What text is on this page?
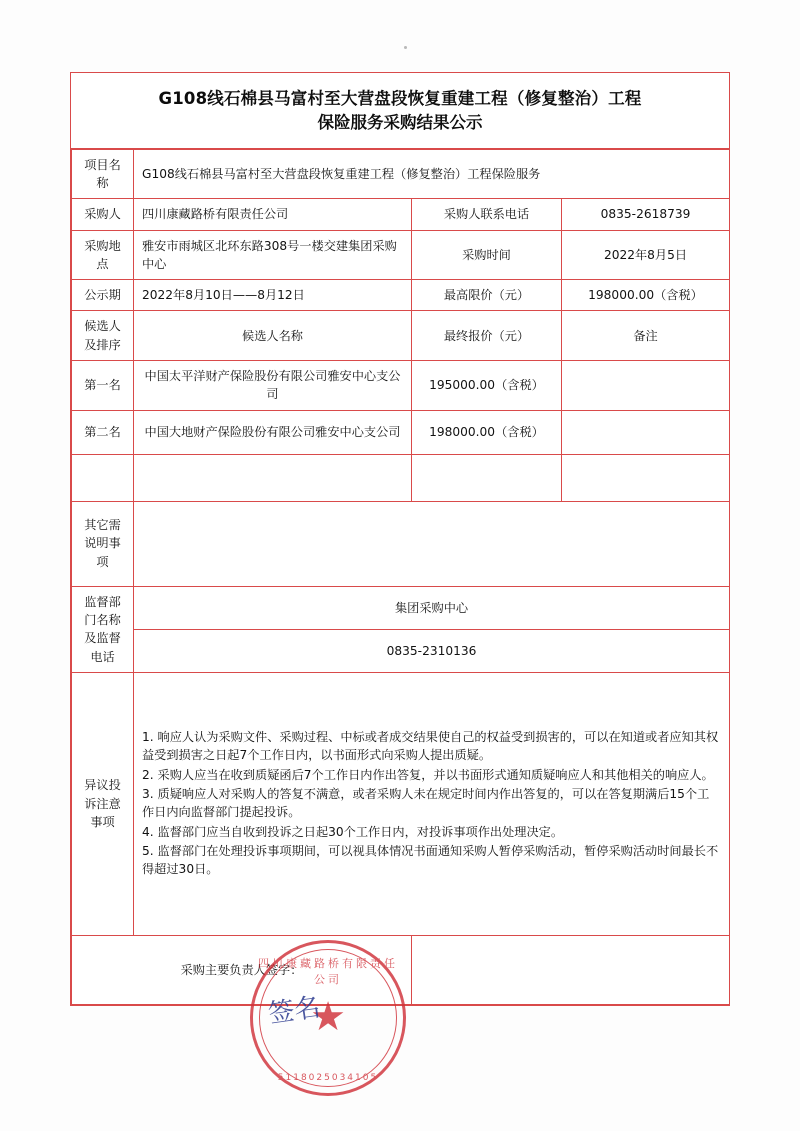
G108线石棉县马富村至大营盘段恢复重建工程（修复整治）工程
保险服务采购结果公示
项目名称	G108线石棉县马富村至大营盘段恢复重建工程（修复整治）工程保险服务		
采购人	四川康藏路桥有限责任公司	采购人联系电话	0835-2618739
采购地点	雅安市雨城区北环东路308号一楼交建集团采购中心	采购时间	2022年8月5日
公示期	2022年8月10日——8月12日	最高限价（元）	198000.00（含税）
候选人及排序	候选人名称	最终报价（元）	备注
第一名	中国太平洋财产保险股份有限公司雅安中心支公司	195000.00（含税）	
第二名	中国大地财产保险股份有限公司雅安中心支公司	198000.00（含税）	

其它需说明事项			
监督部门名称及监督电话	集团采购中心		
	0835-2310136		
异议投诉注意事项	1. 响应人认为采购文件、采购过程、中标或者成交结果使自己的权益受到损害的，可以在知道或者应知其权益受到损害之日起7个工作日内，以书面形式向采购人提出质疑。

2. 采购人应当在收到质疑函后7个工作日内作出答复，并以书面形式通知质疑响应人和其他相关的响应人。

3. 质疑响应人对采购人的答复不满意，或者采购人未在规定时间内作出答复的，可以在答复期满后15个工作日内向监督部门提起投诉。

4. 监督部门应当自收到投诉之日起30个工作日内，对投诉事项作出处理决定。

5. 监督部门在处理投诉事项期间，可以视具体情况书面通知采购人暂停采购活动，暂停采购活动时间最长不得超过30日。		

采购主要负责人签字：			
四川康藏路桥有限责任公司
★
5118025034105
签名
